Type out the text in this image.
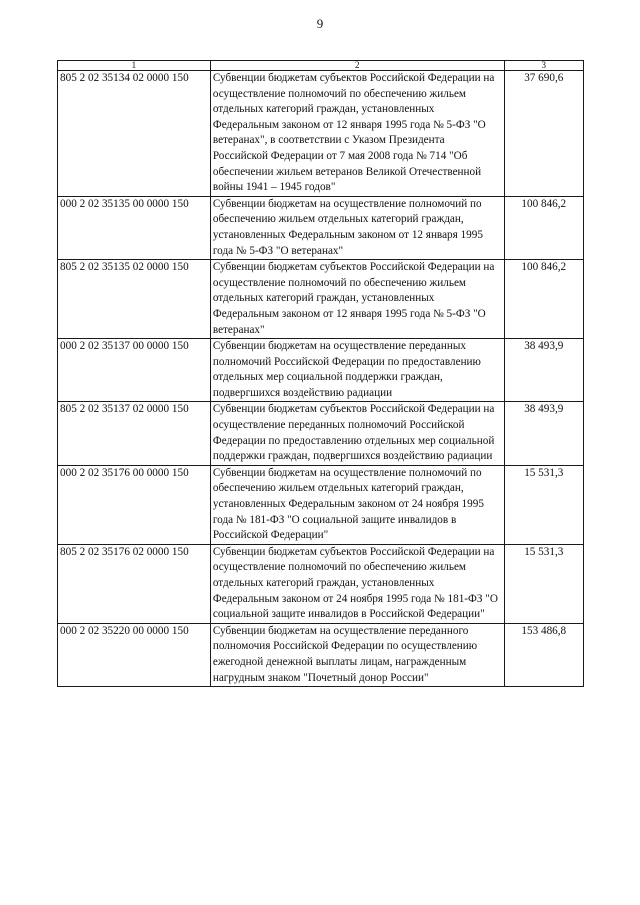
9
1	2	3
805 2 02 35134 02 0000 150	Субвенции бюджетам субъектов Российской Федерации на осуществление полномочий по обеспечению жильем отдельных категорий граждан, установленных Федеральным законом от 12 января 1995 года № 5-ФЗ "О ветеранах", в соответствии с Указом Президента Российской Федерации от 7 мая 2008 года № 714 "Об обеспечении жильем ветеранов Великой Отечественной войны 1941 – 1945 годов"	37 690,6
000 2 02 35135 00 0000 150	Субвенции бюджетам на осуществление полномочий по обеспечению жильем отдельных категорий граждан, установленных Федеральным законом от 12 января 1995 года № 5-ФЗ "О ветеранах"	100 846,2
805 2 02 35135 02 0000 150	Субвенции бюджетам субъектов Российской Федерации на осуществление полномочий по обеспечению жильем отдельных категорий граждан, установленных Федеральным законом от 12 января 1995 года № 5-ФЗ "О ветеранах"	100 846,2
000 2 02 35137 00 0000 150	Субвенции бюджетам на осуществление переданных полномочий Российской Федерации по предоставлению отдельных мер социальной поддержки граждан, подвергшихся воздействию радиации	38 493,9
805 2 02 35137 02 0000 150	Субвенции бюджетам субъектов Российской Федерации на осуществление переданных полномочий Российской Федерации по предоставлению отдельных мер социальной поддержки граждан, подвергшихся воздействию радиации	38 493,9
000 2 02 35176 00 0000 150	Субвенции бюджетам на осуществление полномочий по обеспечению жильем отдельных категорий граждан, установленных Федеральным законом от 24 ноября 1995 года № 181-ФЗ "О социальной защите инвалидов в Российской Федерации"	15 531,3
805 2 02 35176 02 0000 150	Субвенции бюджетам субъектов Российской Федерации на осуществление полномочий по обеспечению жильем отдельных категорий граждан, установленных Федеральным законом от 24 ноября 1995 года № 181-ФЗ "О социальной защите инвалидов в Российской Федерации"	15 531,3
000 2 02 35220 00 0000 150	Субвенции бюджетам на осуществление переданного полномочия Российской Федерации по осуществлению ежегодной денежной выплаты лицам, награжденным нагрудным знаком "Почетный донор России"	153 486,8
